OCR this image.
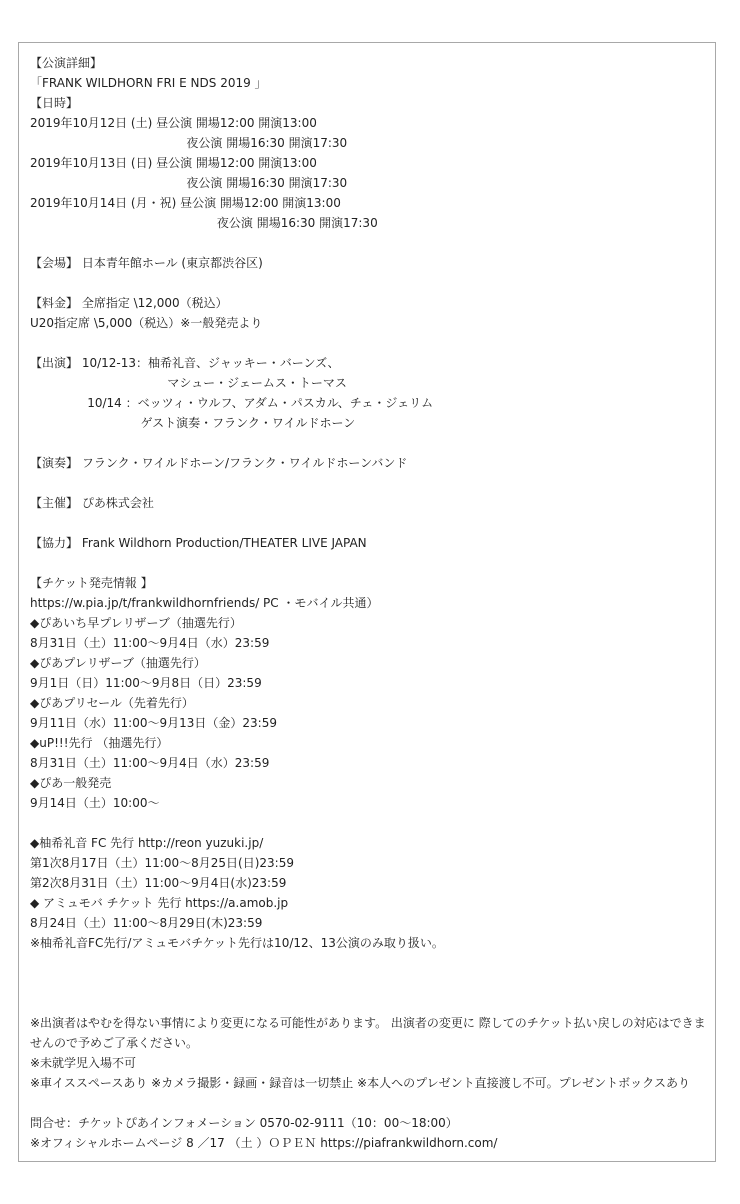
【公演詳細】
「FRANK WILDHORN FRI E NDS 2019 」
【日時】
2019年10月12日 (土) 昼公演 開場12:00 開演13:00
夜公演 開場16:30 開演17:30
2019年10月13日 (日) 昼公演 開場12:00 開演13:00
夜公演 開場16:30 開演17:30
2019年10月14日 (月・祝) 昼公演 開場12:00 開演13:00
夜公演 開場16:30 開演17:30
【会場】 日本青年館ホール (東京都渋谷区)
【料金】 全席指定 \12,000（税込）
U20指定席 \5,000（税込）※一般発売より
【出演】 10/12-13：柚希礼音、ジャッキー・バーンズ、
マシュー・ジェームス・トーマス
10/14 ：ベッツィ・ウルフ、アダム・パスカル、チェ・ジェリム
ゲスト演奏・フランク・ワイルドホーン
【演奏】 フランク・ワイルドホーン/フランク・ワイルドホーンバンド
【主催】 ぴあ株式会社
【協力】 Frank Wildhorn Production/THEATER LIVE JAPAN
【チケット発売情報 】
https://w.pia.jp/t/frankwildhornfriends/ PC ・モバイル共通）
◆ぴあいち早プレリザーブ（抽選先行）
8月31日（土）11:00〜9月4日（水）23:59
◆ぴあプレリザーブ（抽選先行）
9月1日（日）11:00〜9月8日（日）23:59
◆ぴあプリセール（先着先行）
9月11日（水）11:00〜9月13日（金）23:59
◆uP!!!先行 （抽選先行）
8月31日（土）11:00〜9月4日（水）23:59
◆ぴあ一般発売
9月14日（土）10:00〜
◆柚希礼音 FC 先行 http://reon yuzuki.jp/
第1次8月17日（土）11:00〜8月25日(日)23:59
第2次8月31日（土）11:00〜9月4日(水)23:59
◆ アミュモバ チケット 先行 https://a.amob.jp
8月24日（土）11:00〜8月29日(木)23:59
※柚希礼音FC先行/アミュモバチケット先行は10/12、13公演のみ取り扱い。
※出演者はやむを得ない事情により変更になる可能性があります。 出演者の変更に 際してのチケット払い戻しの対応はできませんので予めご了承ください。
※未就学児入場不可
※車イススペースあり ※カメラ撮影・録画・録音は一切禁止 ※本人へのプレゼント直接渡し不可。プレゼントボックスあり
問合せ：チケットぴあインフォメーション 0570-02-9111（10：00〜18:00）
※オフィシャルホームページ 8 ／17 （土 ）ＯＰＥＮ https://piafrankwildhorn.com/
